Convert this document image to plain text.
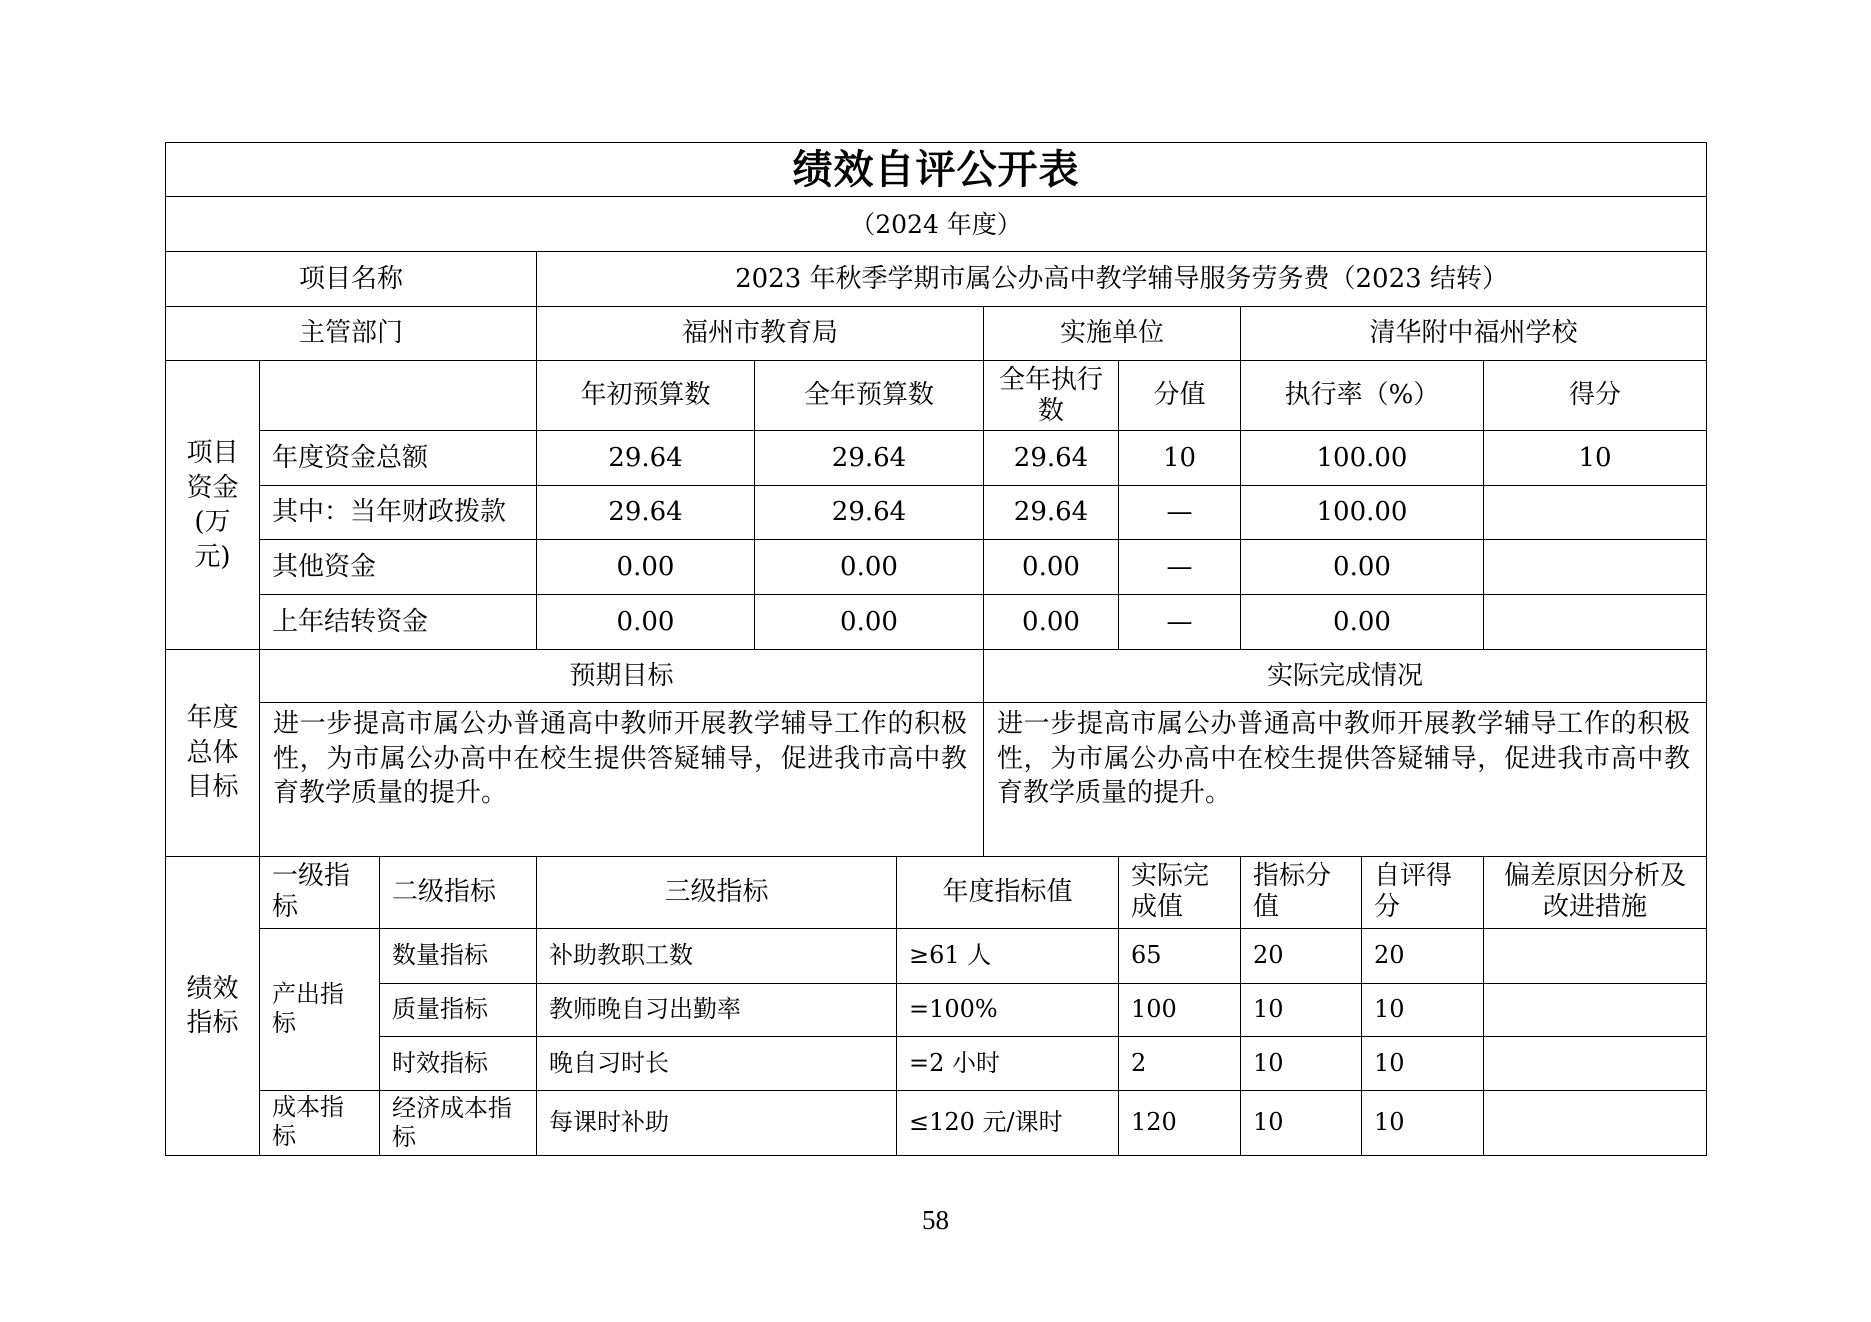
绩效自评公开表										
（2024 年度）										
项目名称			2023 年秋季学期市属公办高中教学辅导服务劳务费（2023 结转）							
主管部门			福州市教育局			实施单位		清华附中福州学校		
项目资金(万元)			年初预算数	全年预算数		全年执行数	分值	执行率（%）		得分
	年度资金总额		29.64	29.64		29.64	10	100.00		10
	其中：当年财政拨款		29.64	29.64		29.64	—	100.00		
	其他资金		0.00	0.00		0.00	—	0.00		
	上年结转资金		0.00	0.00		0.00	—	0.00		
年度总体目标	预期目标					实际完成情况				
	进一步提高市属公办普通高中教师开展教学辅导工作的积极性，为市属公办高中在校生提供答疑辅导，促进我市高中教育教学质量的提升。					进一步提高市属公办普通高中教师开展教学辅导工作的积极性，为市属公办高中在校生提供答疑辅导，促进我市高中教育教学质量的提升。				
绩效指标	一级指标	二级指标	三级指标		年度指标值		实际完成值	指标分值	自评得分	偏差原因分析及改进措施
	产出指标	数量指标	补助教职工数		≥61 人		65	20	20	
		质量指标	教师晚自习出勤率		=100%		100	10	10	
		时效指标	晚自习时长		=2 小时		2	10	10	
	成本指标	经济成本指标	每课时补助		≤120 元/课时		120	10	10	
58
